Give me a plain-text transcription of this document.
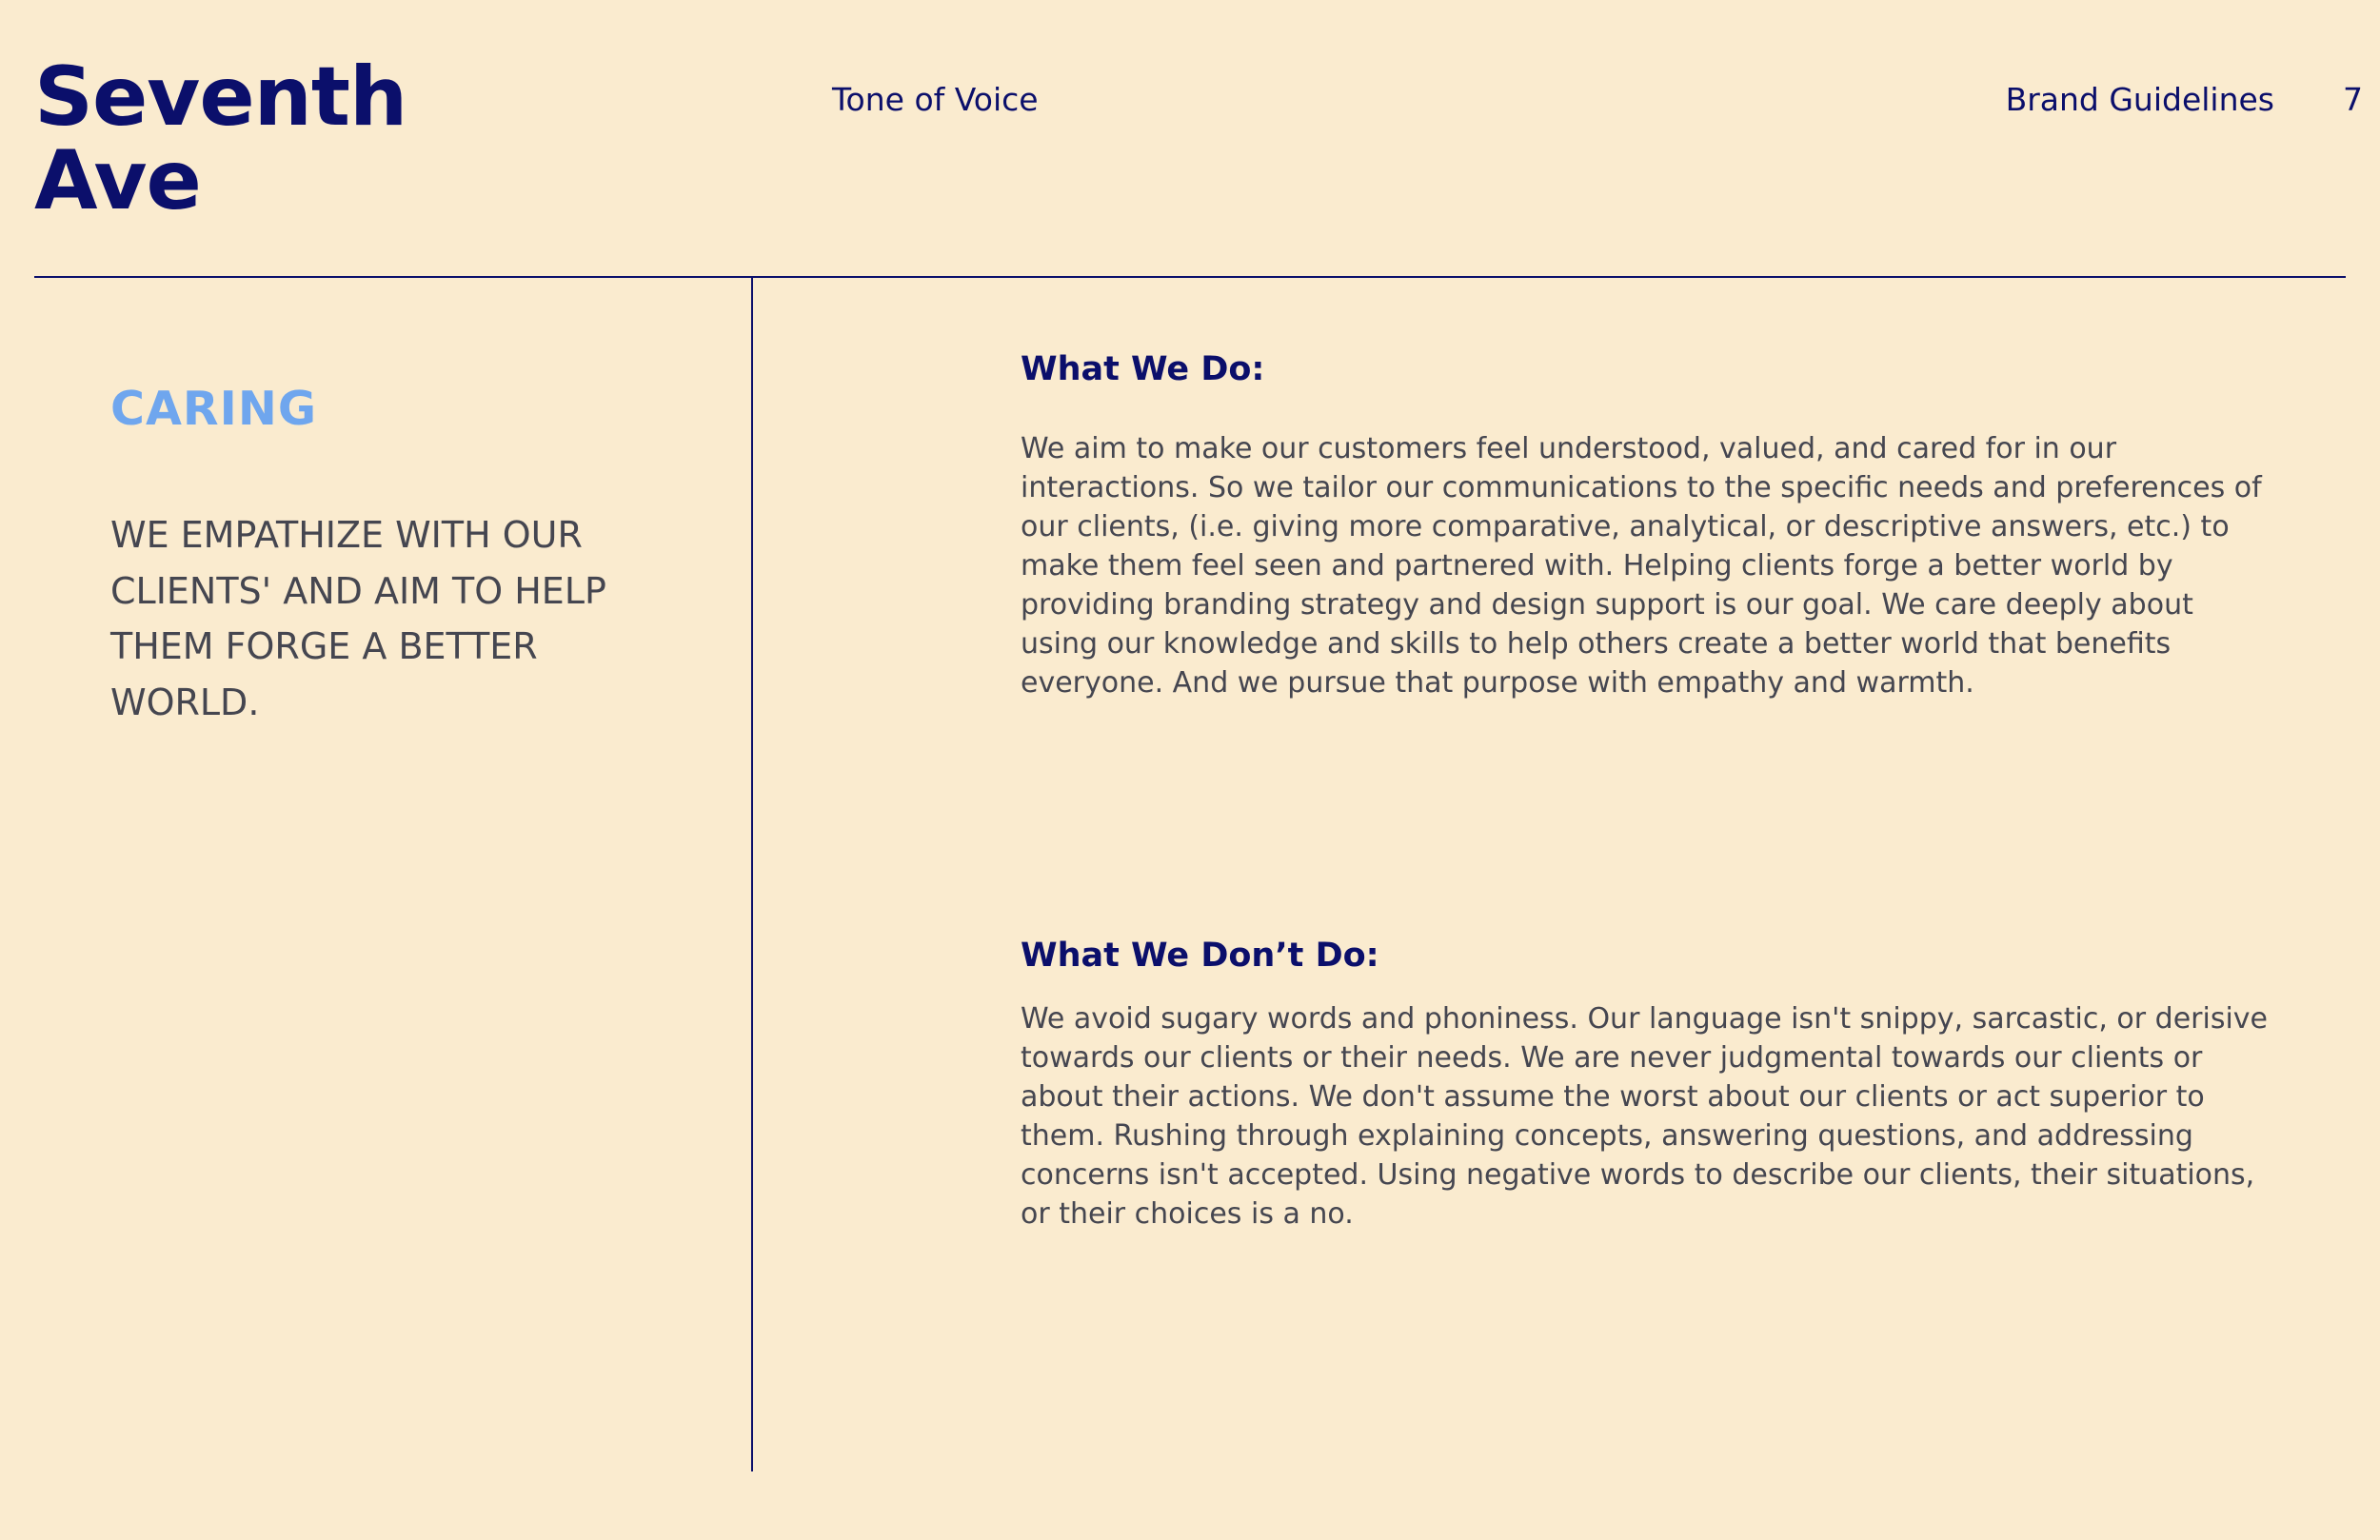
Seventh
Ave
Tone of Voice	Brand Guidelines 7
CARING
WE EMPATHIZE WITH OUR CLIENTS' AND AIM TO HELP THEM FORGE A BETTER WORLD.
What We Do:
We aim to make our customers feel understood, valued, and cared for in our interactions. So we tailor our communications to the specific needs and preferences of our clients, (i.e. giving more comparative, analytical, or descriptive answers, etc.) to make them feel seen and partnered with. Helping clients forge a better world by providing branding strategy and design support is our goal. We care deeply about using our knowledge and skills to help others create a better world that benefits everyone. And we pursue that purpose with empathy and warmth.
What We Don’t Do:
We avoid sugary words and phoniness. Our language isn't snippy, sarcastic, or derisive towards our clients or their needs. We are never judgmental towards our clients or about their actions. We don't assume the worst about our clients or act superior to them. Rushing through explaining concepts, answering questions, and addressing concerns isn't accepted. Using negative words to describe our clients, their situations, or their choices is a no.
